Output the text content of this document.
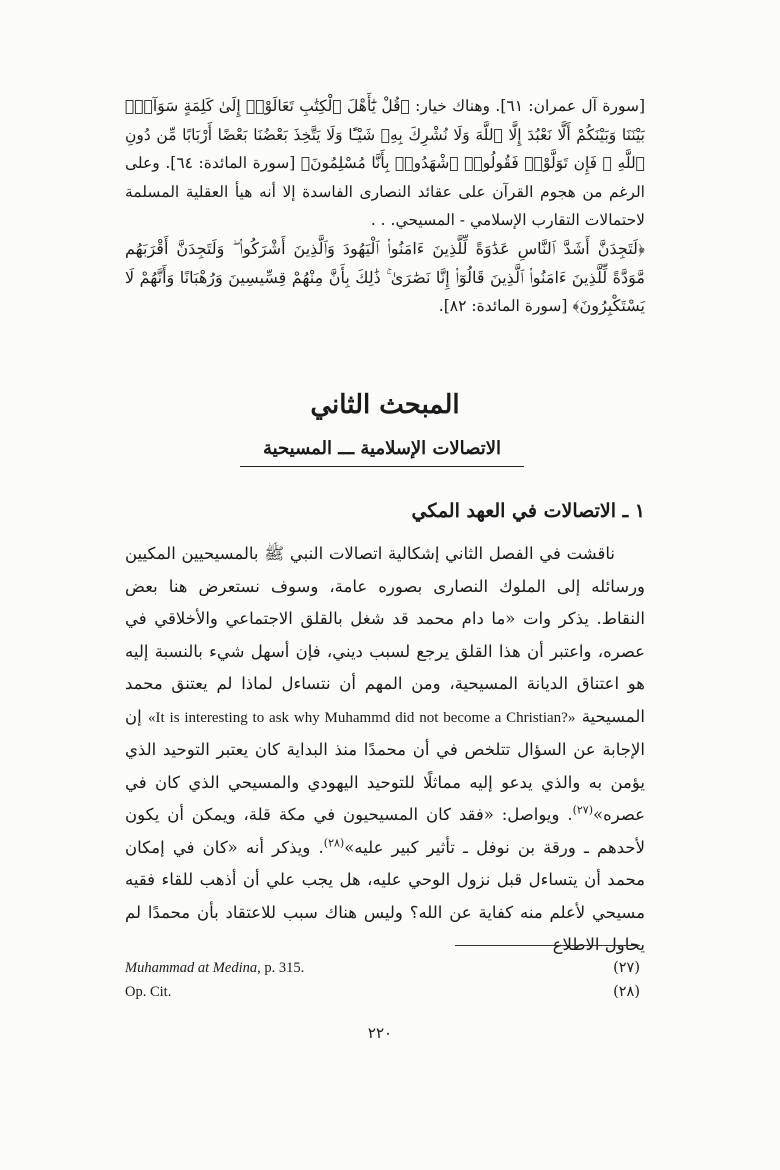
[سورة آل عمران: ٦١]. وهناك خيار: ﴿قُلْ يَٰٓأَهْلَ ٱلْكِتَٰبِ تَعَالَوْا۟ إِلَىٰ كَلِمَةٍ سَوَآءٍۭ بَيْنَنَا وَبَيْنَكُمْ أَلَّا نَعْبُدَ إِلَّا ٱللَّهَ وَلَا نُشْرِكَ بِهِۦ شَيْـًٔا وَلَا يَتَّخِذَ بَعْضُنَا بَعْضًا أَرْبَابًا مِّن دُونِ ٱللَّهِ ۚ فَإِن تَوَلَّوْا۟ فَقُولُوا۟ ٱشْهَدُوا۟ بِأَنَّا مُسْلِمُونَ﴾ [سورة المائدة: ٦٤]. وعلى الرغم من هجوم القرآن على عقائد النصارى الفاسدة إلا أنه هيأ العقلية المسلمة لاحتمالات التقارب الإسلامي - المسيحي. . .

﴿لَتَجِدَنَّ أَشَدَّ ٱلنَّاسِ عَدَٰوَةً لِّلَّذِينَ ءَامَنُوا۟ ٱلْيَهُودَ وَٱلَّذِينَ أَشْرَكُوا۟ ۖ وَلَتَجِدَنَّ أَقْرَبَهُم مَّوَدَّةً لِّلَّذِينَ ءَامَنُوا۟ ٱلَّذِينَ قَالُوٓا۟ إِنَّا نَصَٰرَىٰ ۚ ذَٰلِكَ بِأَنَّ مِنْهُمْ قِسِّيسِينَ وَرُهْبَانًا وَأَنَّهُمْ لَا يَسْتَكْبِرُونَ﴾ [سورة المائدة: ٨٢].

المبحث الثاني
الاتصالات الإسلامية ـــ المسيحية
١ ـ الاتصالات في العهد المكي

ناقشت في الفصل الثاني إشكالية اتصالات النبي ﷺ بالمسيحيين المكيين ورسائله إلى الملوك النصارى بصوره عامة، وسوف نستعرض هنا بعض النقاط. يذكر وات «ما دام محمد قد شغل بالقلق الاجتماعي والأخلاقي في عصره، واعتبر أن هذا القلق يرجع لسبب ديني، فإن أسهل شيء بالنسبة إليه هو اعتناق الديانة المسيحية، ومن المهم أن نتساءل لماذا لم يعتنق محمد المسيحية «It is interesting to ask why Muhammd did not become a Christian?» إن الإجابة عن السؤال تتلخص في أن محمدًا منذ البداية كان يعتبر التوحيد الذي يؤمن به والذي يدعو إليه مماثلًا للتوحيد اليهودي والمسيحي الذي كان في عصره»$^{(٢٧)}$. ويواصل: «فقد كان المسيحيون في مكة قلة، ويمكن أن يكون لأحدهم ـ ورقة بن نوفل ـ تأثير كبير عليه»$^{(٢٨)}$. ويذكر أنه «كان في إمكان محمد أن يتساءل قبل نزول الوحي عليه، هل يجب علي أن أذهب للقاء فقيه مسيحي لأعلم منه كفاية عن الله؟ وليس هناك سبب للاعتقاد بأن محمدًا لم يحاول الاطلاع

Muhammad at Medina, p. 315.	(٢٧)
Op. Cit.	(٢٨)
٢٢٠
